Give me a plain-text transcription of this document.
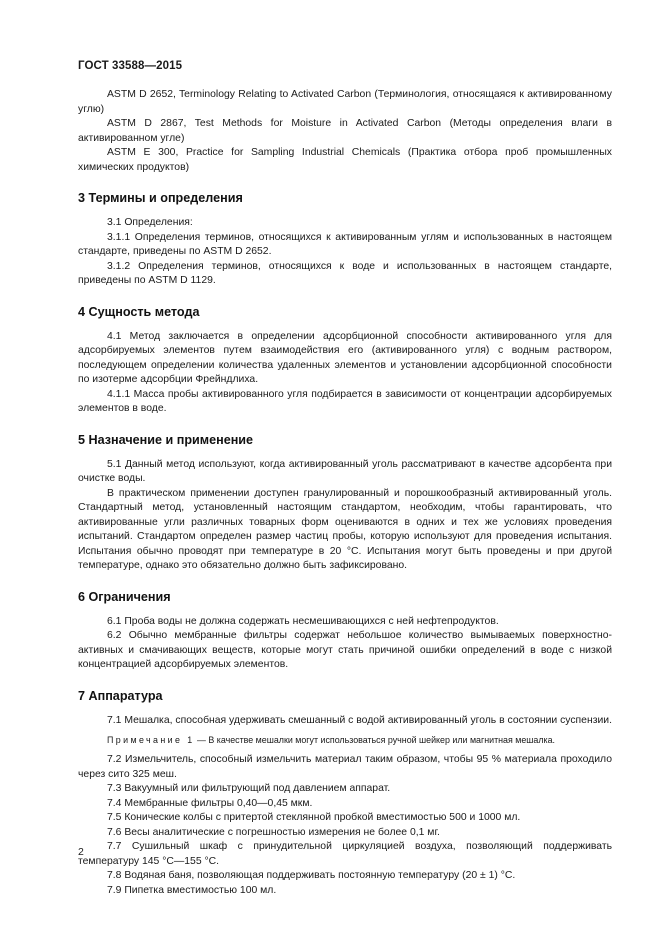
ГОСТ 33588—2015

ASTM D 2652, Terminology Relating to Activated Carbon (Терминология, относящаяся к активированному углю)

ASTM D 2867, Test Methods for Moisture in Activated Carbon (Методы определения влаги в активированном угле)

ASTM E 300, Practice for Sampling Industrial Chemicals (Практика отбора проб промышленных химических продуктов)

3 Термины и определения

3.1 Определения:

3.1.1 Определения терминов, относящихся к активированным углям и использованных в настоящем стандарте, приведены по ASTM D 2652.

3.1.2 Определения терминов, относящихся к воде и использованных в настоящем стандарте, приведены по ASTM D 1129.

4 Сущность метода

4.1 Метод заключается в определении адсорбционной способности активированного угля для адсорбируемых элементов путем взаимодействия его (активированного угля) с водным раствором, последующем определении количества удаленных элементов и установлении адсорбционной способности по изотерме адсорбции Фрейндлиха.

4.1.1 Масса пробы активированного угля подбирается в зависимости от концентрации адсорбируемых элементов в воде.

5 Назначение и применение

5.1 Данный метод используют, когда активированный уголь рассматривают в качестве адсорбента при очистке воды.

В практическом применении доступен гранулированный и порошкообразный активированный уголь. Стандартный метод, установленный настоящим стандартом, необходим, чтобы гарантировать, что активированные угли различных товарных форм оцениваются в одних и тех же условиях проведения испытаний. Стандартом определен размер частиц пробы, которую используют для проведения испытания. Испытания обычно проводят при температуре в 20 °С. Испытания могут быть проведены и при другой температуре, однако это обязательно должно быть зафиксировано.

6 Ограничения

6.1 Проба воды не должна содержать несмешивающихся с ней нефтепродуктов.

6.2 Обычно мембранные фильтры содержат небольшое количество вымываемых поверхностно-активных и смачивающих веществ, которые могут стать причиной ошибки определений в воде с низкой концентрацией адсорбируемых элементов.

7 Аппаратура

7.1 Мешалка, способная удерживать смешанный с водой активированный уголь в состоянии суспензии.

Примечание 1 — В качестве мешалки могут использоваться ручной шейкер или магнитная мешалка.

7.2 Измельчитель, способный измельчить материал таким образом, чтобы 95 % материала проходило через сито 325 меш.

7.3 Вакуумный или фильтрующий под давлением аппарат.

7.4 Мембранные фильтры 0,40—0,45 мкм.

7.5 Конические колбы с притертой стеклянной пробкой вместимостью 500 и 1000 мл.

7.6 Весы аналитические с погрешностью измерения не более 0,1 мг.

7.7 Сушильный шкаф с принудительной циркуляцией воздуха, позволяющий поддерживать температуру 145 °С—155 °С.

7.8 Водяная баня, позволяющая поддерживать постоянную температуру (20 ± 1) °С.

7.9 Пипетка вместимостью 100 мл.

2
